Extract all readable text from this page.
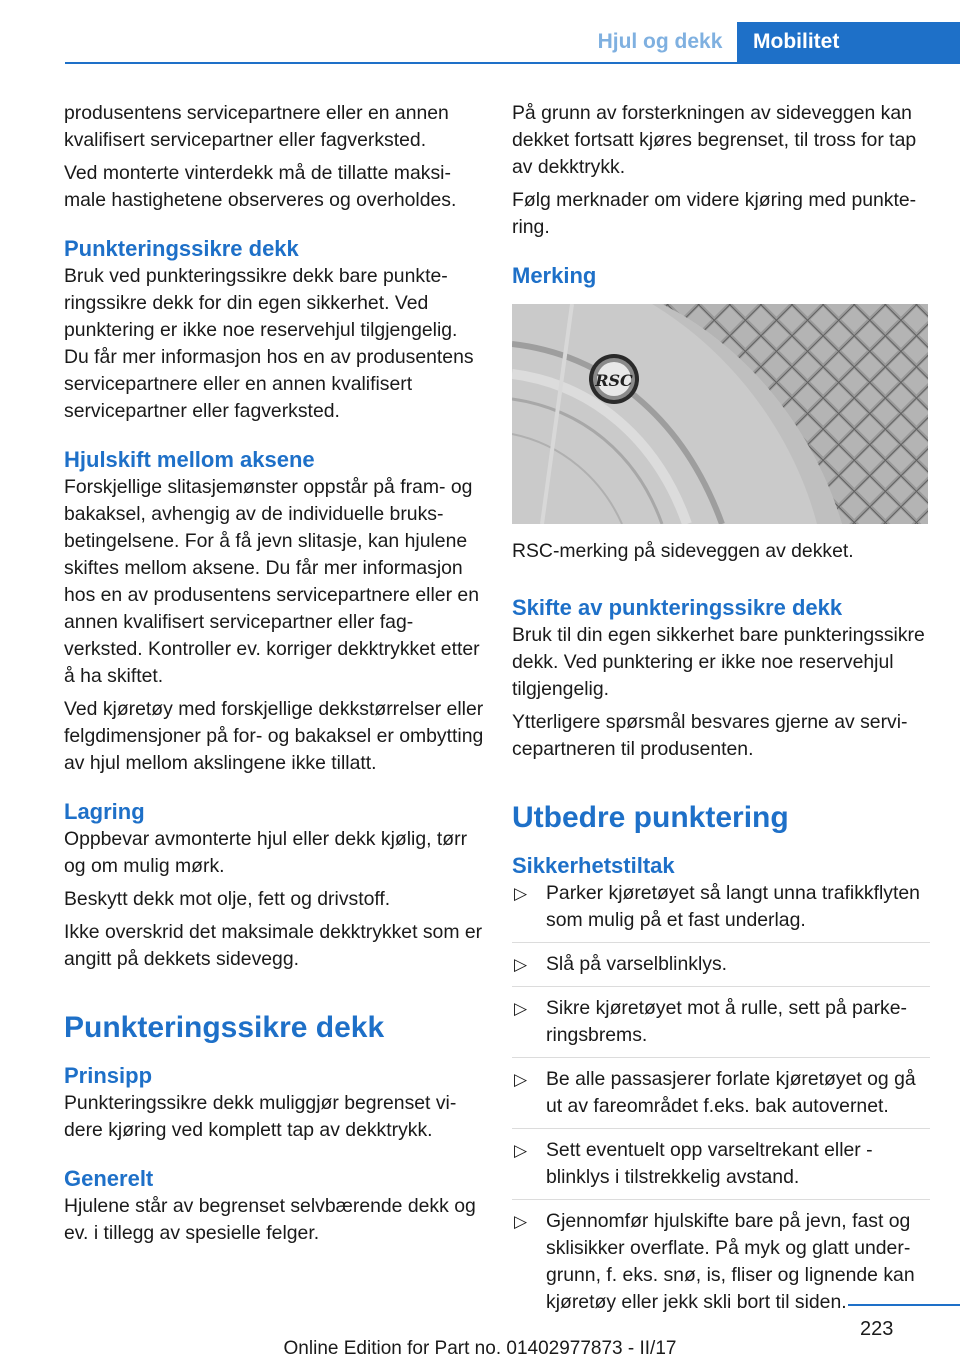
Hjul og dekk	Mobilitet

produsentens servicepartnere eller en annen kvalifisert servicepartner eller fagverksted.

Ved monterte vinterdekk må de tillatte maksimale hastighetene observeres og overholdes.

Punkteringssikre dekk

Bruk ved punkteringssikre dekk bare punkteringssikre dekk for din egen sikkerhet. Ved punktering er ikke noe reservehjul tilgjengelig. Du får mer informasjon hos en av produsentens servicepartnere eller en annen kvalifisert servicepartner eller fagverksted.

Hjulskift mellom aksene

Forskjellige slitasjemønster oppstår på fram- og bakaksel, avhengig av de individuelle bruksbetingelsene. For å få jevn slitasje, kan hjulene skiftes mellom aksene. Du får mer informasjon hos en av produsentens servicepartnere eller en annen kvalifisert servicepartner eller fagverksted. Kontroller ev. korriger dekktrykket etter å ha skiftet.

Ved kjøretøy med forskjellige dekkstørrelser eller felgdimensjoner på for- og bakaksel er ombytting av hjul mellom akslingene ikke tillatt.

Lagring

Oppbevar avmonterte hjul eller dekk kjølig, tørr og om mulig mørk.

Beskytt dekk mot olje, fett og drivstoff.

Ikke overskrid det maksimale dekktrykket som er angitt på dekkets sidevegg.

Punkteringssikre dekk
Prinsipp

Punkteringssikre dekk muliggjør begrenset videre kjøring ved komplett tap av dekktrykk.

Generelt

Hjulene står av begrenset selvbærende dekk og ev. i tillegg av spesielle felger.

På grunn av forsterkningen av sideveggen kan dekket fortsatt kjøres begrenset, til tross for tap av dekktrykk.

Følg merknader om videre kjøring med punktering.

Merking
RSC

RSC-merking på sideveggen av dekket.

Skifte av punkteringssikre dekk

Bruk til din egen sikkerhet bare punkteringssikre dekk. Ved punktering er ikke noe reservehjul tilgjengelig.

Ytterligere spørsmål besvares gjerne av servicepartneren til produsenten.

Utbedre punktering
Sikkerhetstiltak
▷ Parker kjøretøyet så langt unna trafikkflyten som mulig på et fast underlag.
▷ Slå på varselblinklys.
▷ Sikre kjøretøyet mot å rulle, sett på parkeringsbrems.
▷ Be alle passasjerer forlate kjøretøyet og gå ut av fareområdet f.eks. bak autovernet.
▷ Sett eventuelt opp varseltrekant eller -blinklys i tilstrekkelig avstand.
▷ Gjennomfør hjulskifte bare på jevn, fast og sklisikker overflate. På myk og glatt undergrunn, f. eks. snø, is, fliser og lignende kan kjøretøy eller jekk skli bort til siden.
223
Online Edition for Part no. 01402977873 - II/17
